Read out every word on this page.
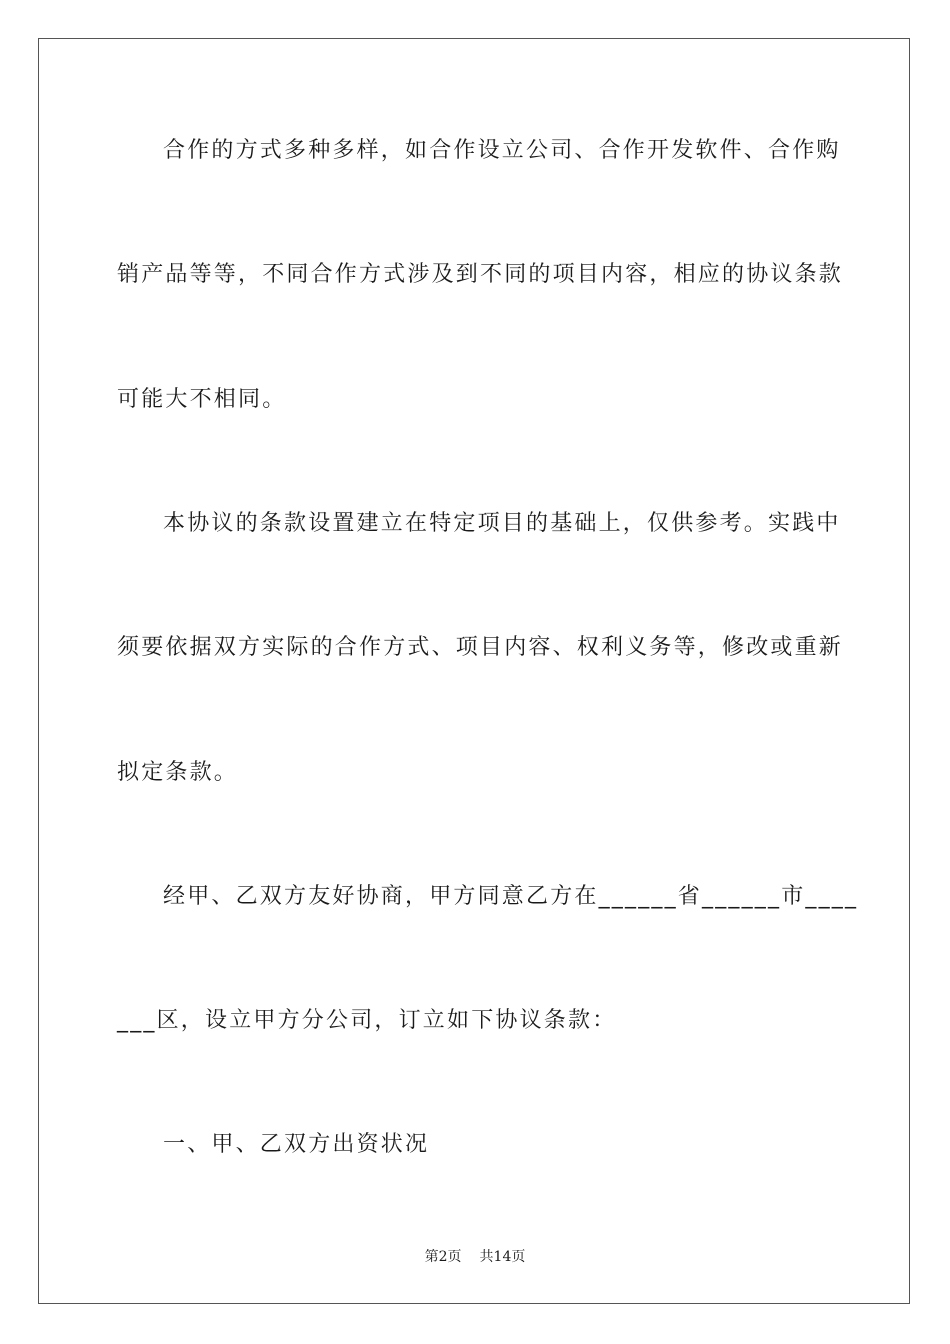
合作的方式多种多样，如合作设立公司、合作开发软件、合作购
销产品等等，不同合作方式涉及到不同的项目内容，相应的协议条款
可能大不相同。
本协议的条款设置建立在特定项目的基础上，仅供参考。实践中
须要依据双方实际的合作方式、项目内容、权利义务等，修改或重新
拟定条款。
经甲、乙双方友好协商，甲方同意乙方在______省______市____
___区，设立甲方分公司，订立如下协议条款：
一、甲、乙双方出资状况
第2页 共14页
